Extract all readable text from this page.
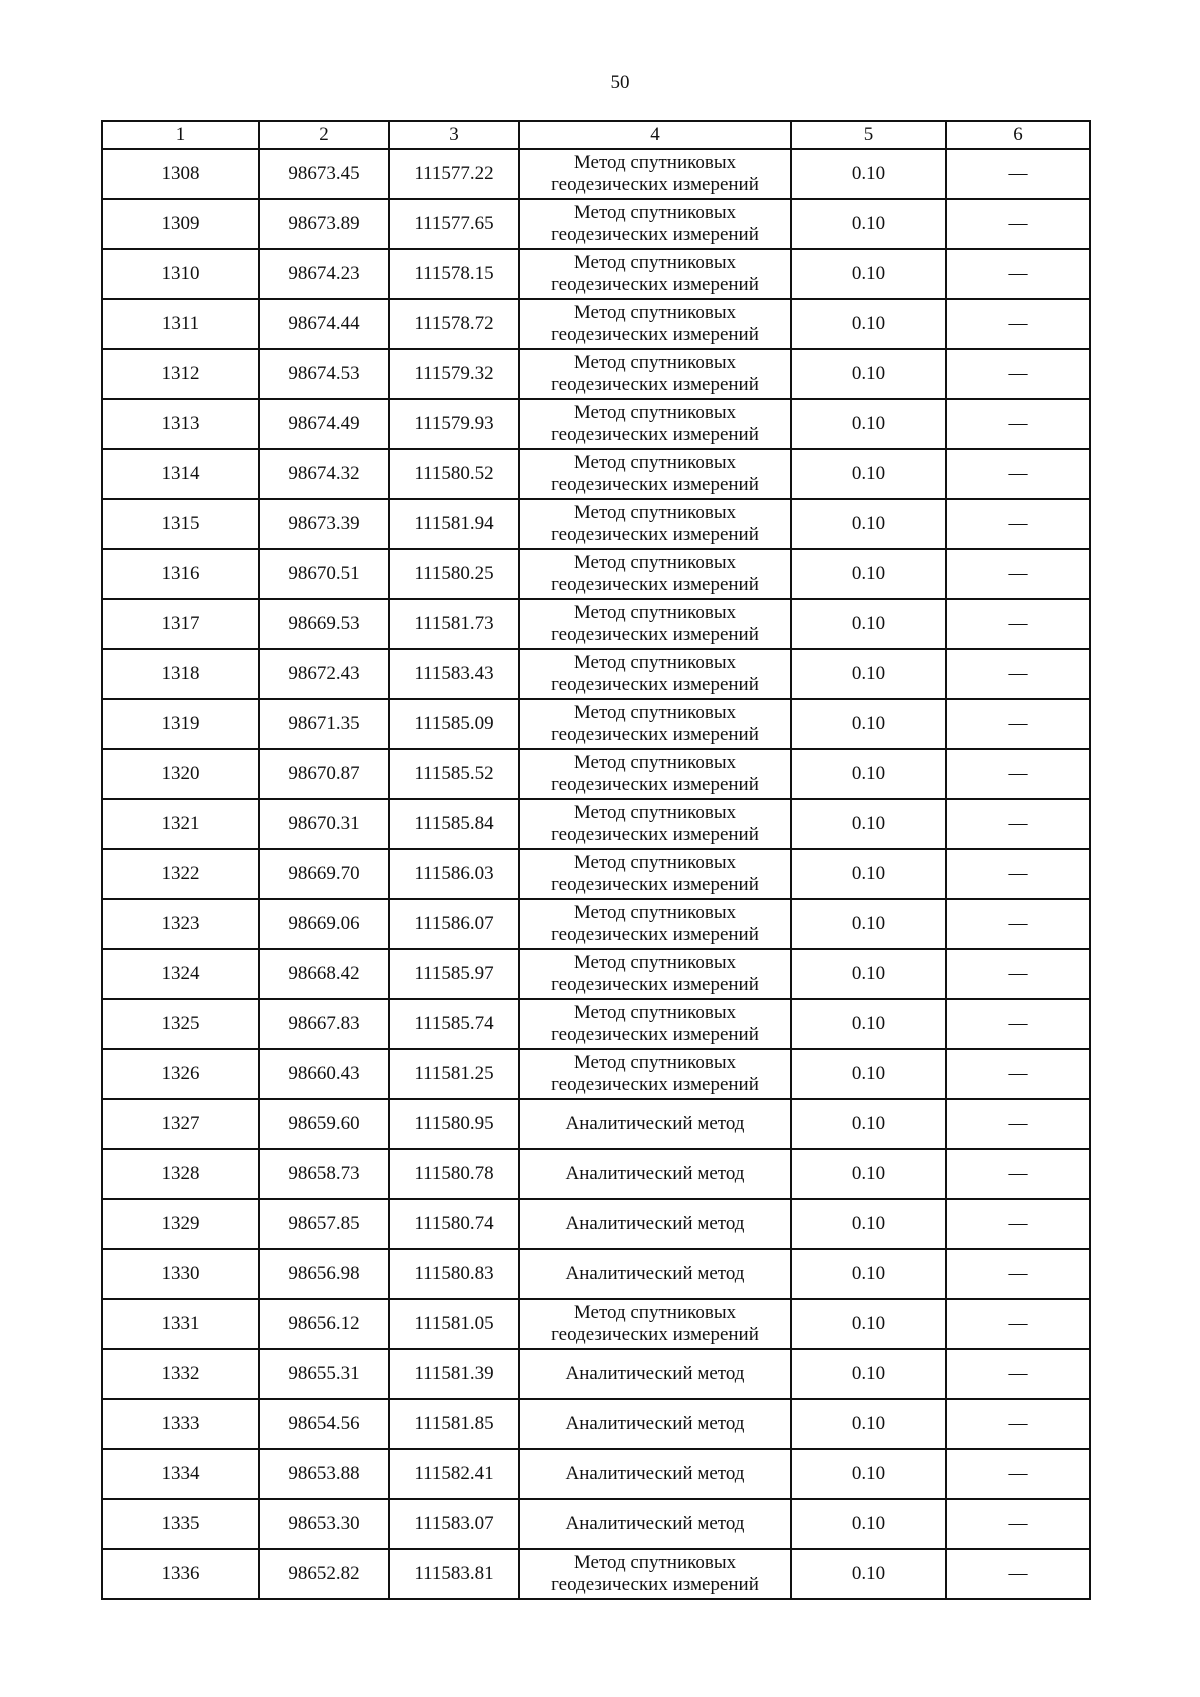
50
1	2	3	4	5	6
1308	98673.45	111577.22	Метод спутниковых геодезических измерений	0.10	—
1309	98673.89	111577.65	Метод спутниковых геодезических измерений	0.10	—
1310	98674.23	111578.15	Метод спутниковых геодезических измерений	0.10	—
1311	98674.44	111578.72	Метод спутниковых геодезических измерений	0.10	—
1312	98674.53	111579.32	Метод спутниковых геодезических измерений	0.10	—
1313	98674.49	111579.93	Метод спутниковых геодезических измерений	0.10	—
1314	98674.32	111580.52	Метод спутниковых геодезических измерений	0.10	—
1315	98673.39	111581.94	Метод спутниковых геодезических измерений	0.10	—
1316	98670.51	111580.25	Метод спутниковых геодезических измерений	0.10	—
1317	98669.53	111581.73	Метод спутниковых геодезических измерений	0.10	—
1318	98672.43	111583.43	Метод спутниковых геодезических измерений	0.10	—
1319	98671.35	111585.09	Метод спутниковых геодезических измерений	0.10	—
1320	98670.87	111585.52	Метод спутниковых геодезических измерений	0.10	—
1321	98670.31	111585.84	Метод спутниковых геодезических измерений	0.10	—
1322	98669.70	111586.03	Метод спутниковых геодезических измерений	0.10	—
1323	98669.06	111586.07	Метод спутниковых геодезических измерений	0.10	—
1324	98668.42	111585.97	Метод спутниковых геодезических измерений	0.10	—
1325	98667.83	111585.74	Метод спутниковых геодезических измерений	0.10	—
1326	98660.43	111581.25	Метод спутниковых геодезических измерений	0.10	—
1327	98659.60	111580.95	Аналитический метод	0.10	—
1328	98658.73	111580.78	Аналитический метод	0.10	—
1329	98657.85	111580.74	Аналитический метод	0.10	—
1330	98656.98	111580.83	Аналитический метод	0.10	—
1331	98656.12	111581.05	Метод спутниковых геодезических измерений	0.10	—
1332	98655.31	111581.39	Аналитический метод	0.10	—
1333	98654.56	111581.85	Аналитический метод	0.10	—
1334	98653.88	111582.41	Аналитический метод	0.10	—
1335	98653.30	111583.07	Аналитический метод	0.10	—
1336	98652.82	111583.81	Метод спутниковых геодезических измерений	0.10	—
